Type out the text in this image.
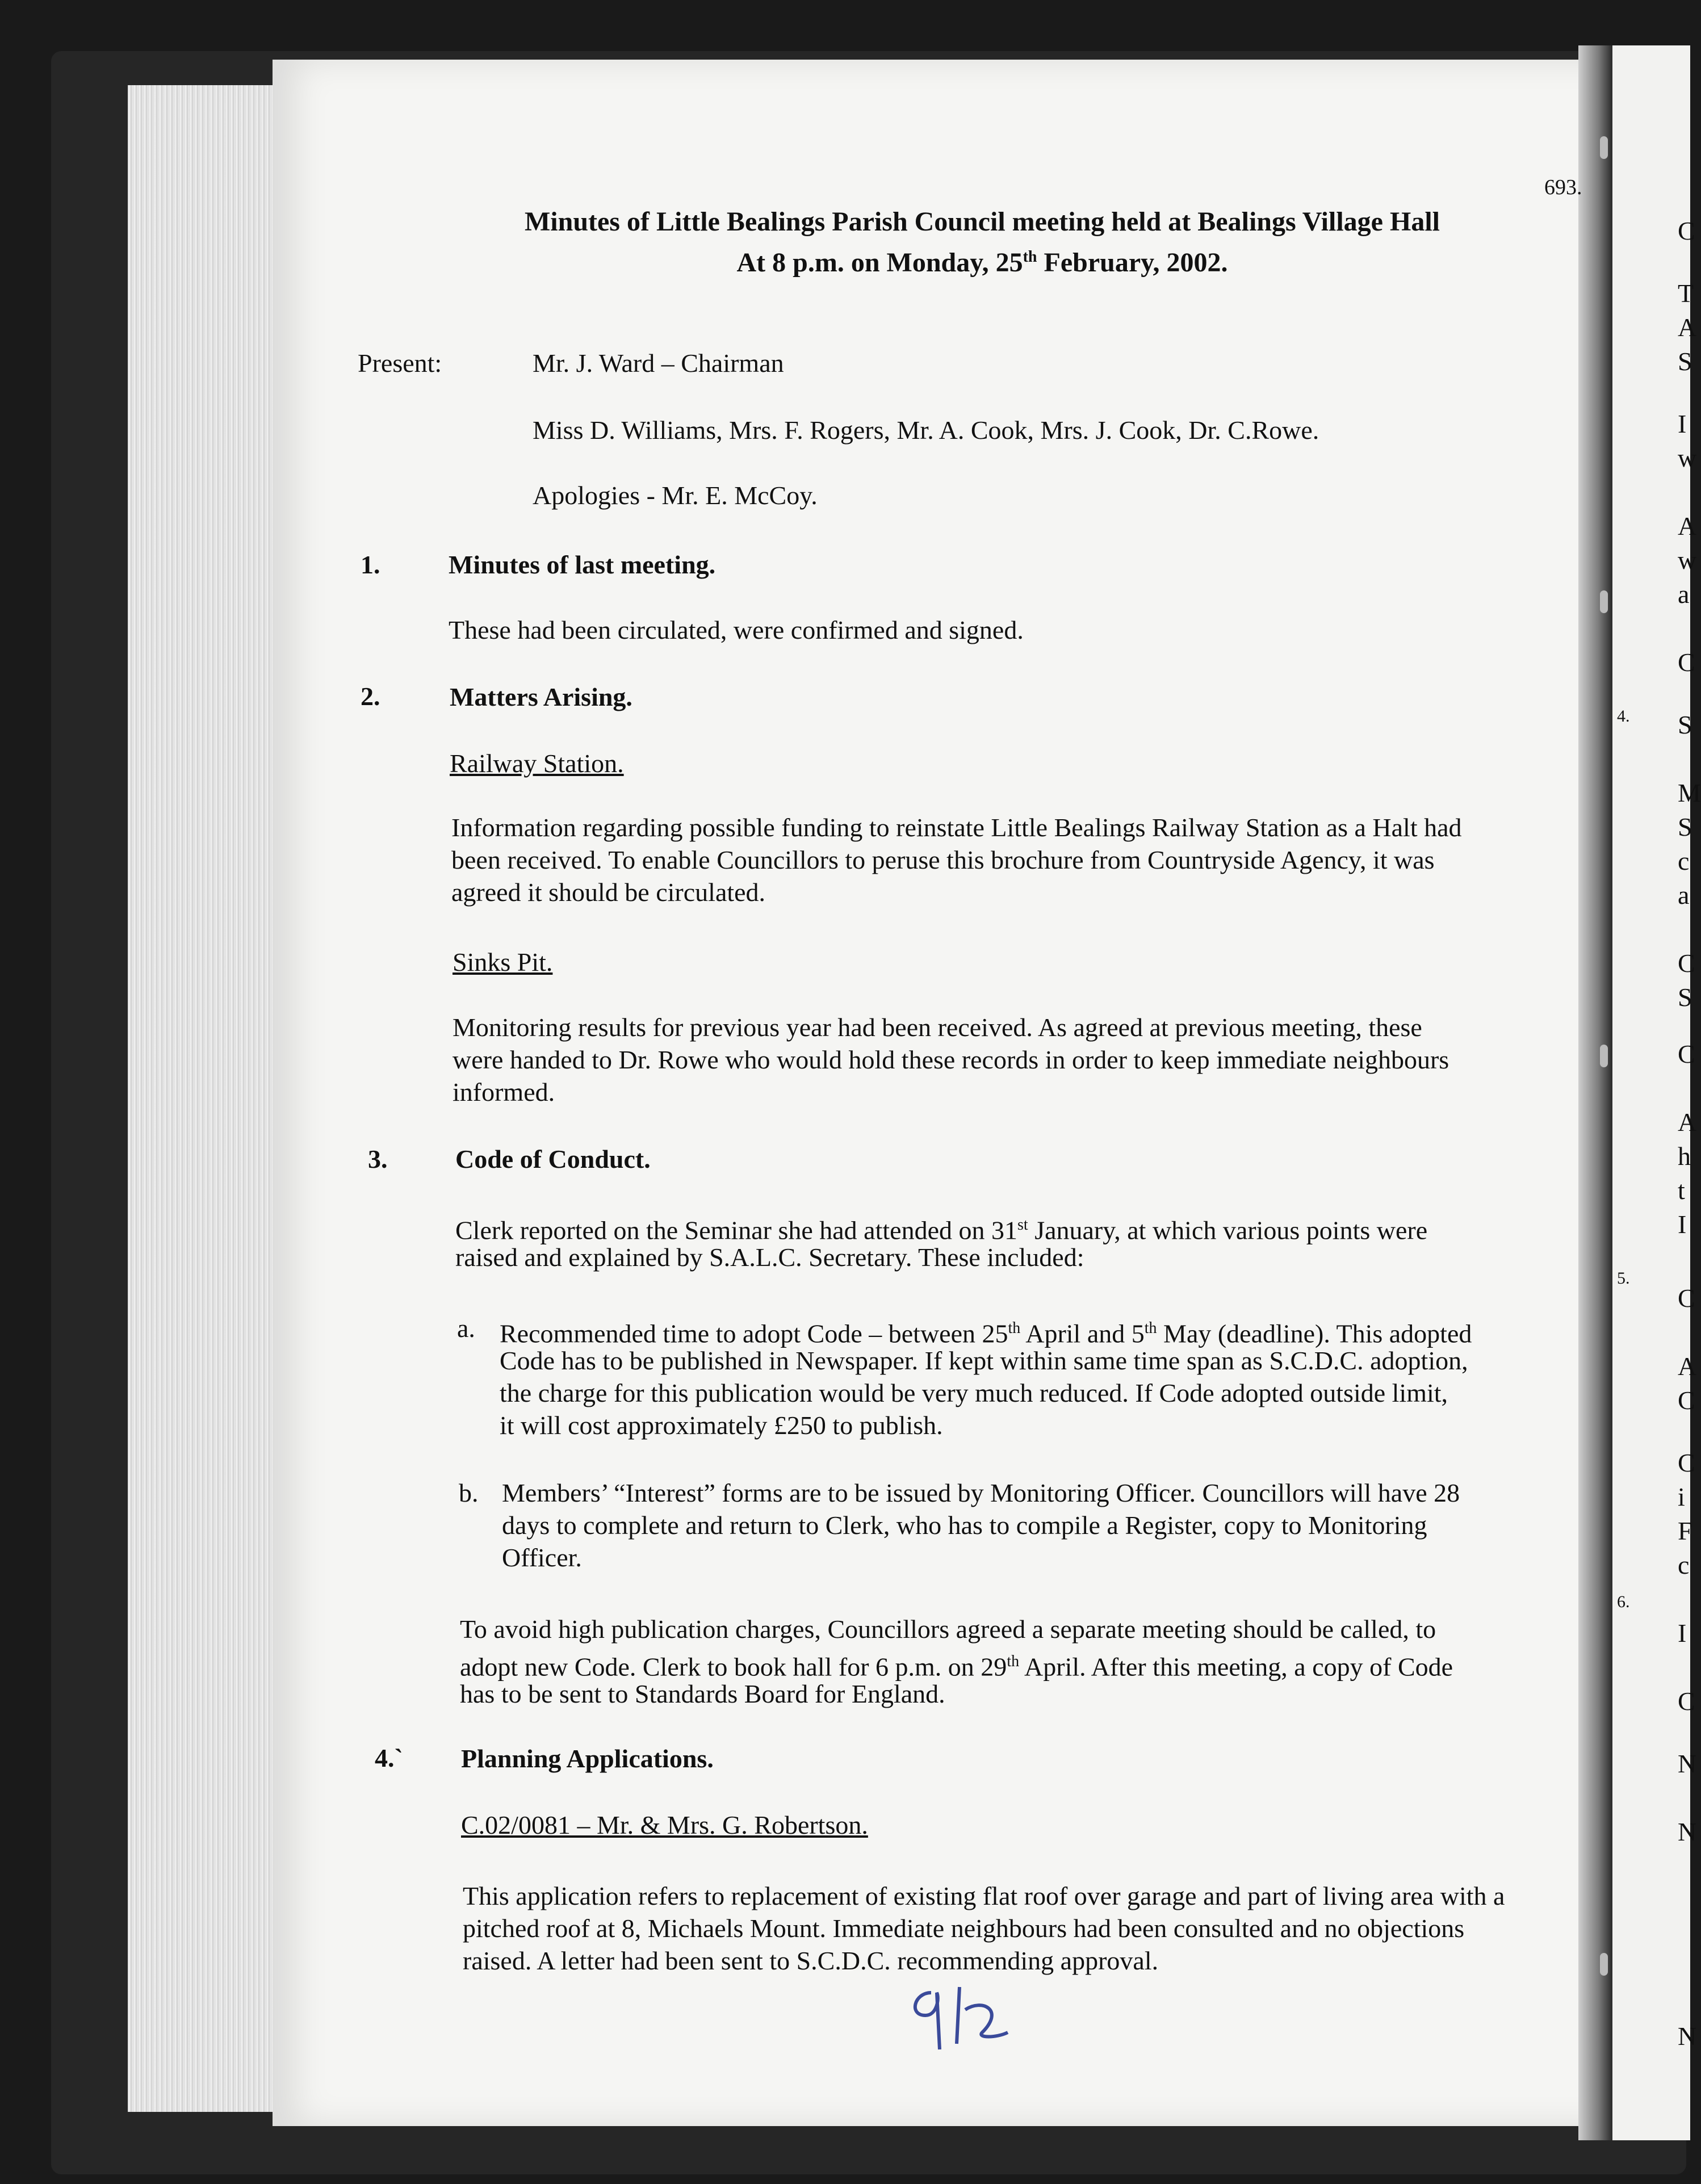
C
T
A
S
I
w
A
w
a
C
S
M
S
c
a
C
S
C
A
h
t
I
C
A
C
C
i
F
c
I
C
N
N
N
4.
5.
6.
693.
Minutes of Little Bealings Parish Council meeting held at Bealings Village Hall
At 8 p.m. on Monday, 25th February, 2002.
Present:	Mr. J. Ward – Chairman
Miss D. Williams, Mrs. F. Rogers, Mr. A. Cook, Mrs. J. Cook, Dr. C.Rowe.
Apologies - Mr. E. McCoy.
1.	Minutes of last meeting.
These had been circulated, were confirmed and signed.
2.	Matters Arising.
Railway Station.
Information regarding possible funding to reinstate Little Bealings Railway Station as a Halt had
been received. To enable Councillors to peruse this brochure from Countryside Agency, it was
agreed it should be circulated.
Sinks Pit.
Monitoring results for previous year had been received. As agreed at previous meeting, these
were handed to Dr. Rowe who would hold these records in order to keep immediate neighbours
informed.
3.	Code of Conduct.
Clerk reported on the Seminar she had attended on 31st January, at which various points were
raised and explained by S.A.L.C. Secretary. These included:
a. Recommended time to adopt Code – between 25th April and 5th May (deadline). This adopted
Code has to be published in Newspaper. If kept within same time span as S.C.D.C. adoption,
the charge for this publication would be very much reduced. If Code adopted outside limit,
it will cost approximately £250 to publish.
b. Members’ “Interest” forms are to be issued by Monitoring Officer. Councillors will have 28
days to complete and return to Clerk, who has to compile a Register, copy to Monitoring
Officer.
To avoid high publication charges, Councillors agreed a separate meeting should be called, to
adopt new Code. Clerk to book hall for 6 p.m. on 29th April. After this meeting, a copy of Code
has to be sent to Standards Board for England.
4.` Planning Applications.
C.02/0081 – Mr. & Mrs. G. Robertson.
This application refers to replacement of existing flat roof over garage and part of living area with a
pitched roof at 8, Michaels Mount. Immediate neighbours had been consulted and no objections
raised. A letter had been sent to S.C.D.C. recommending approval.
